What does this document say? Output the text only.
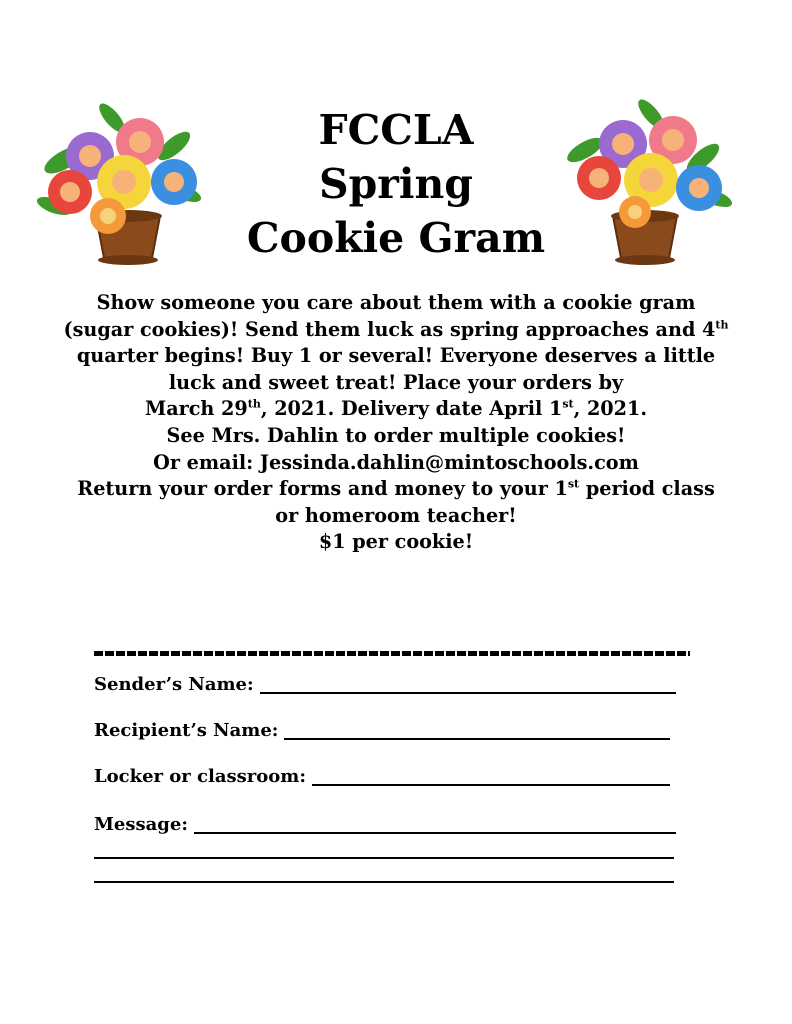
FCCLA
Spring
Cookie Gram
Show someone you care about them with a cookie gram
(sugar cookies)! Send them luck as spring approaches and 4th
quarter begins! Buy 1 or several! Everyone deserves a little
luck and sweet treat! Place your orders by
March 29th, 2021. Delivery date April 1st, 2021.
See Mrs. Dahlin to order multiple cookies!
Or email: Jessinda.dahlin@mintoschools.com
Return your order forms and money to your 1st period class
or homeroom teacher!
$1 per cookie!
Sender’s Name:
Recipient’s Name:
Locker or classroom:
Message:
